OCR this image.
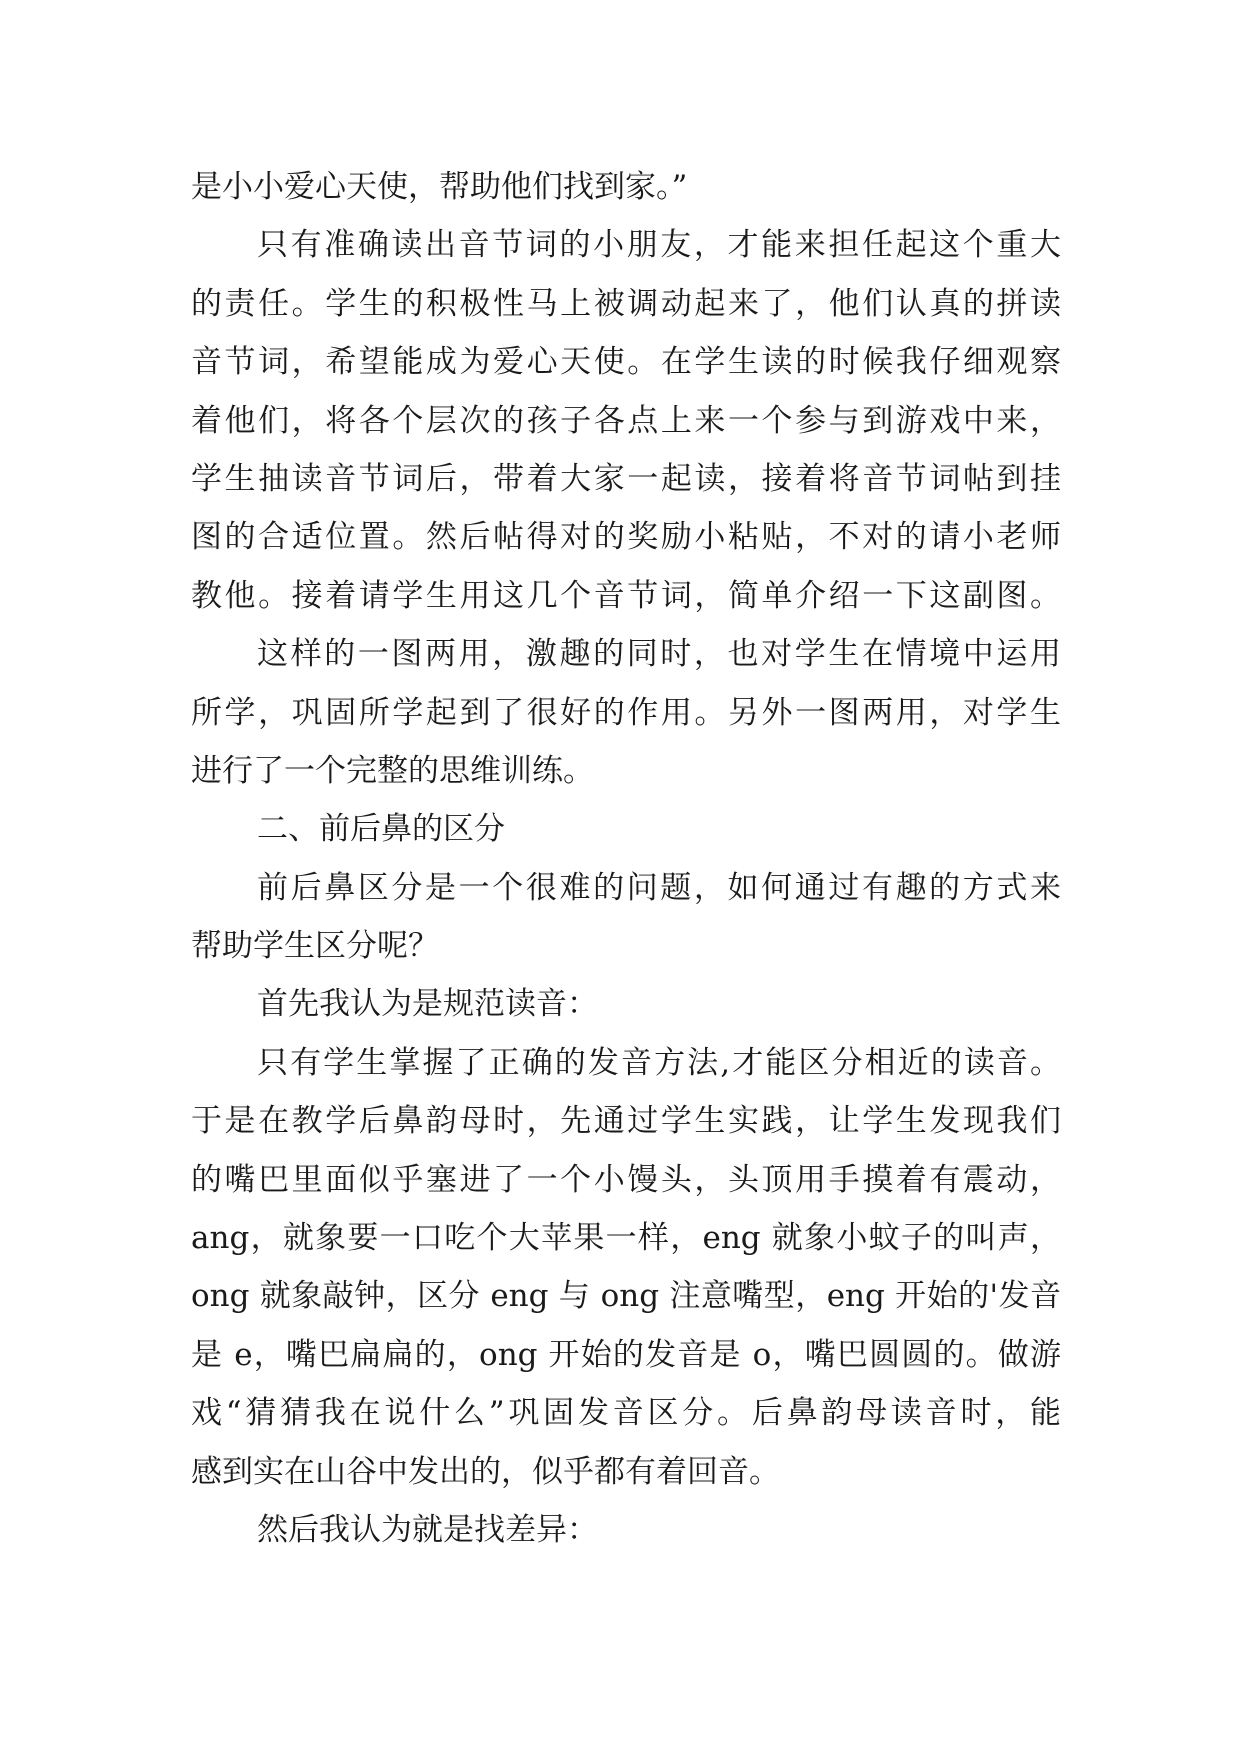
是小小爱心天使，帮助他们找到家。”
只有准确读出音节词的小朋友，才能来担任起这个重大
的责任。学生的积极性马上被调动起来了，他们认真的拼读
音节词，希望能成为爱心天使。在学生读的时候我仔细观察
着他们，将各个层次的孩子各点上来一个参与到游戏中来，
学生抽读音节词后，带着大家一起读，接着将音节词帖到挂
图的合适位置。然后帖得对的奖励小粘贴，不对的请小老师
教他。接着请学生用这几个音节词，简单介绍一下这副图。
这样的一图两用，激趣的同时，也对学生在情境中运用
所学，巩固所学起到了很好的作用。另外一图两用，对学生
进行了一个完整的思维训练。
二、前后鼻的区分
前后鼻区分是一个很难的问题，如何通过有趣的方式来
帮助学生区分呢？
首先我认为是规范读音：
只有学生掌握了正确的发音方法,才能区分相近的读音。
于是在教学后鼻韵母时，先通过学生实践，让学生发现我们
的嘴巴里面似乎塞进了一个小馒头，头顶用手摸着有震动，
ang，就象要一口吃个大苹果一样，eng 就象小蚊子的叫声，
ong 就象敲钟，区分 eng 与 ong 注意嘴型，eng 开始的'发音
是 e，嘴巴扁扁的，ong 开始的发音是 o，嘴巴圆圆的。做游
戏“猜猜我在说什么”巩固发音区分。后鼻韵母读音时，能
感到实在山谷中发出的，似乎都有着回音。
然后我认为就是找差异：
